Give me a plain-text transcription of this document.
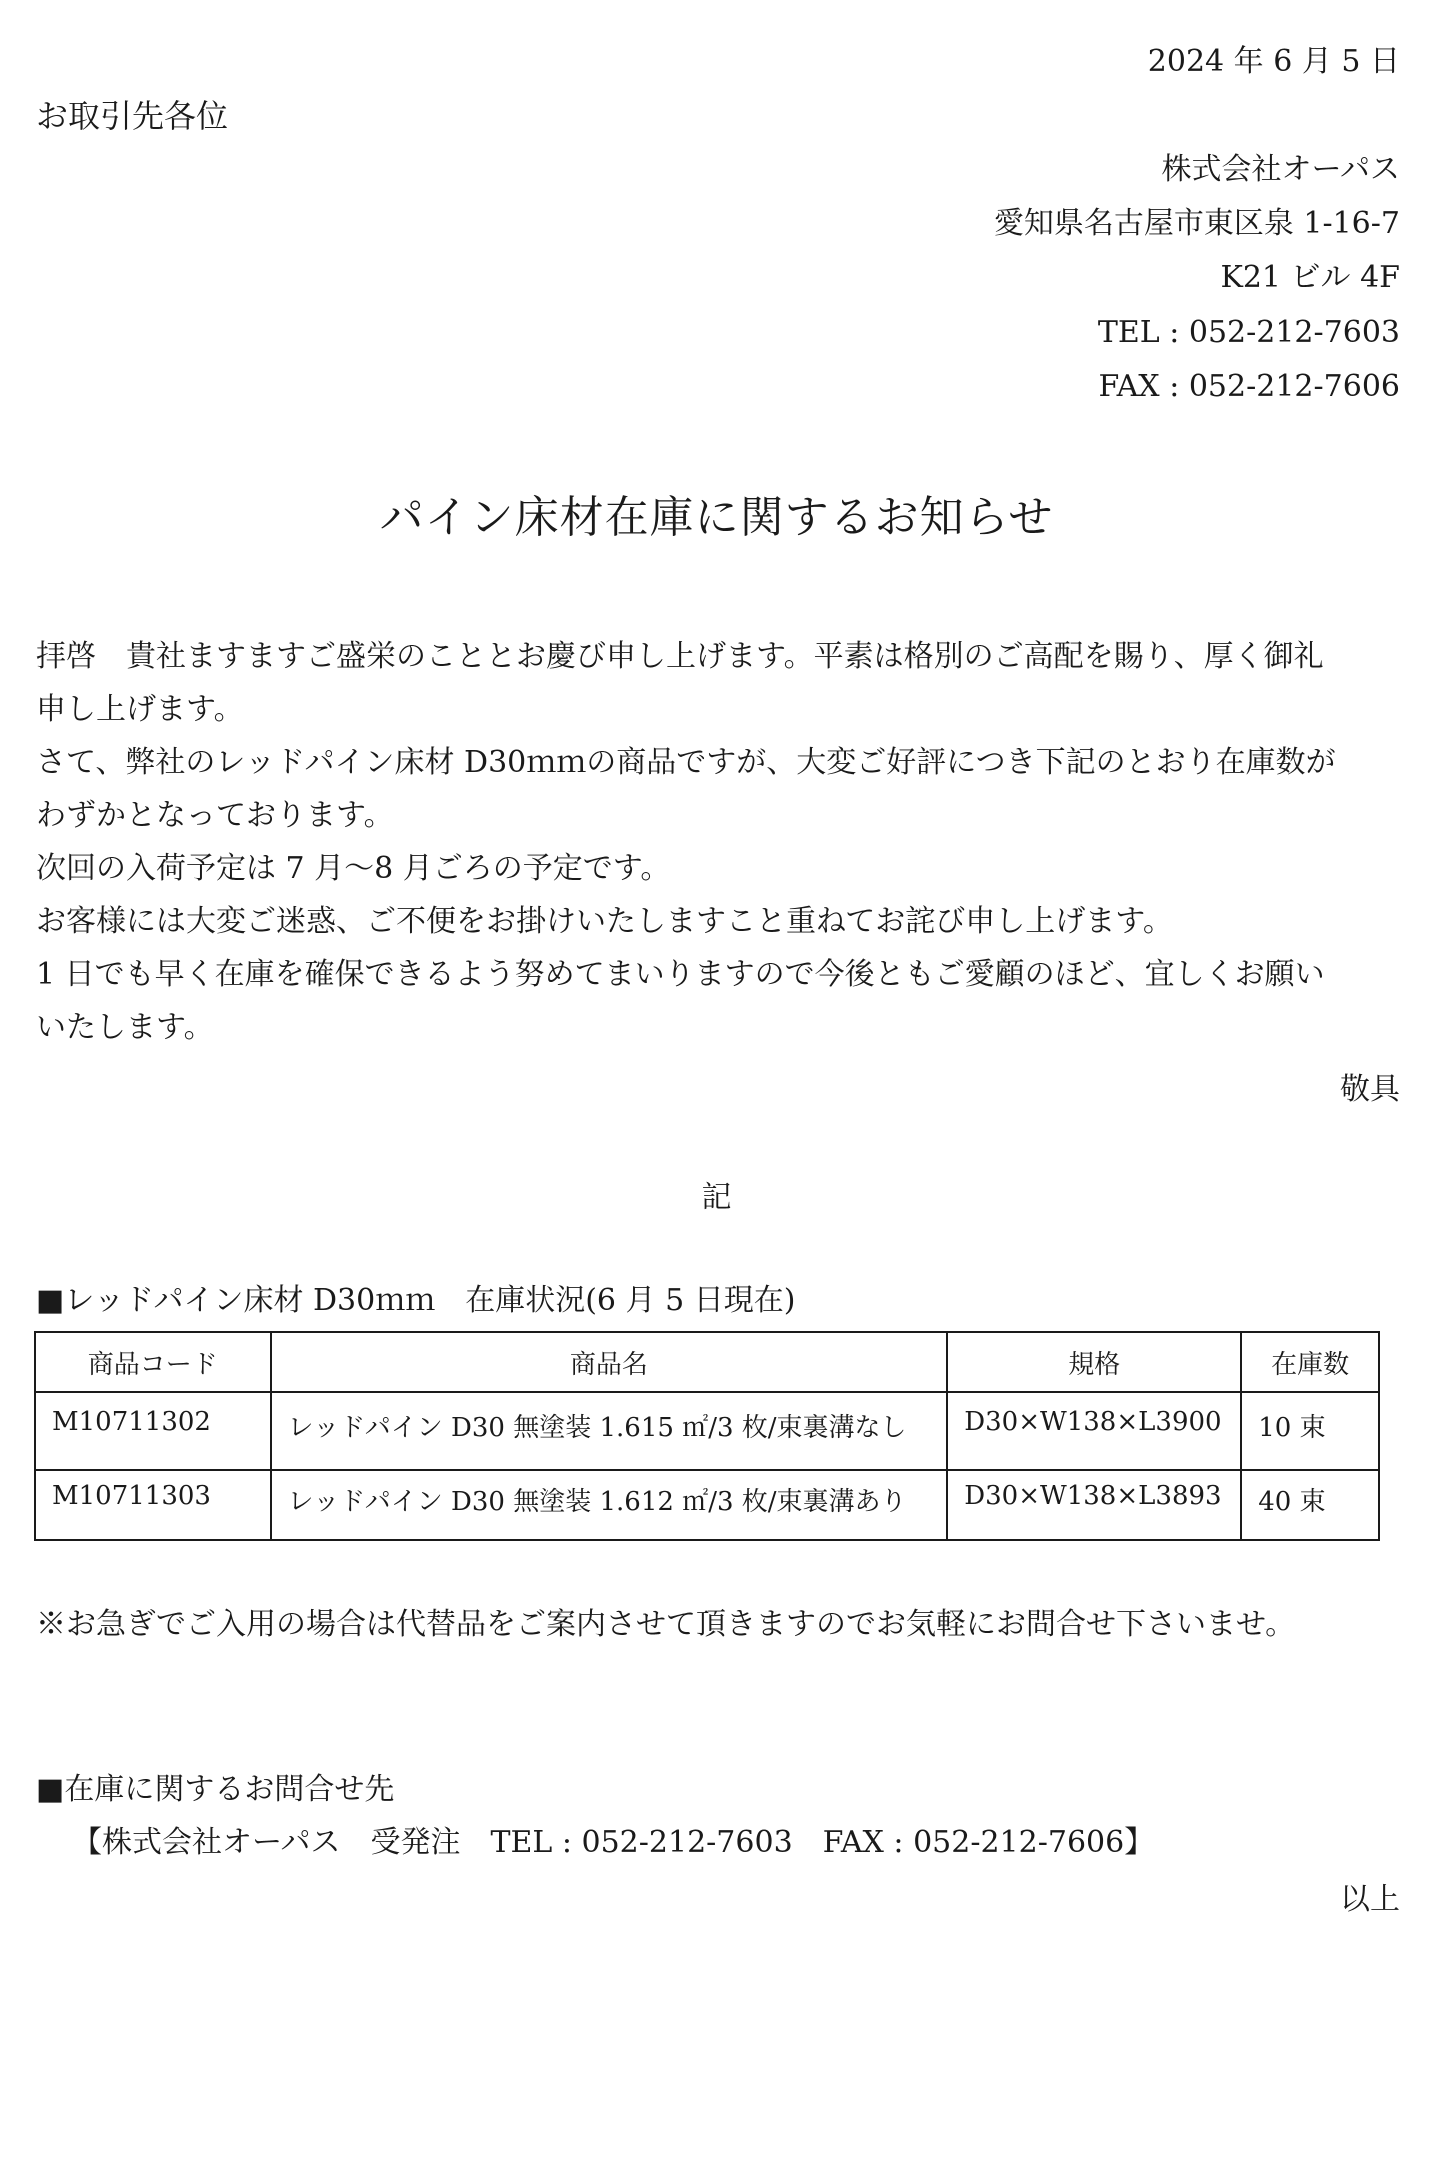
2024 年 6 月 5 日
お取引先各位
株式会社オーパス
愛知県名古屋市東区泉 1-16-7
K21 ビル 4F
TEL : 052-212-7603
FAX : 052-212-7606
パイン床材在庫に関するお知らせ
拝啓　貴社ますますご盛栄のこととお慶び申し上げます。平素は格別のご高配を賜り、厚く御礼
申し上げます。
さて、弊社のレッドパイン床材 D30ｍｍの商品ですが、大変ご好評につき下記のとおり在庫数が
わずかとなっております。
次回の入荷予定は 7 月～8 月ごろの予定です。
お客様には大変ご迷惑、ご不便をお掛けいたしますこと重ねてお詫び申し上げます。
1 日でも早く在庫を確保できるよう努めてまいりますので今後ともご愛顧のほど、宜しくお願い
いたします。
敬具
記
■レッドパイン床材 D30ｍｍ　在庫状況(6 月 5 日現在)
商品コード	商品名	規格	在庫数
M10711302	レッドパイン D30 無塗装 1.615 ㎡/3 枚/束裏溝なし	D30×W138×L3900	10 束
M10711303	レッドパイン D30 無塗装 1.612 ㎡/3 枚/束裏溝あり	D30×W138×L3893	40 束
※お急ぎでご入用の場合は代替品をご案内させて頂きますのでお気軽にお問合せ下さいませ。
■在庫に関するお問合せ先
【株式会社オーパス　受発注　TEL : 052-212-7603　FAX : 052-212-7606】
以上
